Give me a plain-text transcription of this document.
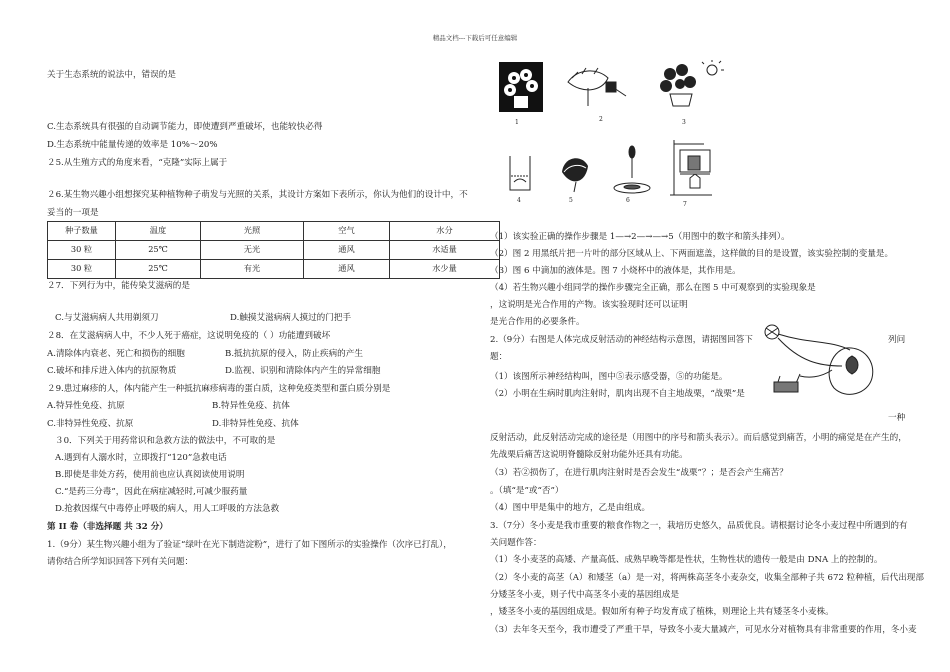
精品文档---下载后可任意编辑
关于生态系统的说法中，错误的是
C.生态系统具有很强的自动调节能力，即使遭到严重破坏，也能较快必得
D.生态系统中能量传递的效率是 10%～20%
２5.从生殖方式的角度来看，“克隆”实际上属于
２6.某生物兴趣小组想探究某种植物种子萌发与光照的关系，其设计方案如下表所示，你认为他们的设计中，不
妥当的一项是
种子数量	温度	光照	空气	水分
30 粒	25℃	无光	通风	水适量
30 粒	25℃	有光	通风	水少量
２7．下列行为中，能传染艾滋病的是
C.与艾滋病病人共用剃须刀	D.触摸艾滋病病人摸过的门把手
２8．在艾滋病病人中，不少人死于癌症，这说明免疫的（ ）功能遭到破坏
A.清除体内衰老、死亡和损伤的细胞	B.抵抗抗原的侵入，防止疾病的产生
C.破坏和排斥进入体内的抗原物质	D.监视、识别和清除体内产生的异常细胞
２9.患过麻疹的人，体内能产生一种抵抗麻疹病毒的蛋白质，这种免疫类型和蛋白质分别是
A.特异性免疫、抗原	B.特异性免疫、抗体
C.非特异性免疫、抗原	D.非特异性免疫、抗体
３0．下列关于用药常识和急救方法的做法中，不可取的是
A.遇到有人溺水时，立即拨打“120”急救电话
B.即使是非处方药，使用前也应认真阅读使用说明
C.“是药三分毒”，因此在病症减轻时,可减少服药量
D.抢救因煤气中毒停止呼吸的病人，用人工呼吸的方法急救
第 II 卷（非选择题 共 32 分）
1.（9分）某生物兴趣小组为了验证“绿叶在光下制造淀粉”，进行了如下图所示的实验操作（次序已打乱），
请你结合所学知识回答下列有关问题：
1	2	3
4	5	6
7
（1）该实验正确的操作步骤是 1—→2—→—→5（用图中的数字和箭头排列）。
（2）图 2 用黑纸片把一片叶的部分区域从上、下两面遮盖，这样做的目的是设置，该实验控制的变量是。
（3）图 6 中滴加的液体是。图 7 小烧杯中的液体是，其作用是。
（4）若生物兴趣小组同学的操作步骤完全正确，那么在图 5 中可观察到的实验现象是
，这说明是光合作用的产物。该实验现时还可以证明
是光合作用的必要条件。
2.（9分）右图是人体完成反射活动的神经结构示意图，请据图回答下	列问
题：
（1）该图所示神经结构叫，图中⑤表示感受器，⑤的功能是。
（2）小明在生病时肌肉注射时，肌肉出现不自主地战栗，“战栗”是
一种
反射活动，此反射活动完成的途径是（用图中的序号和箭头表示）。而后感觉到痛苦，小明的痛觉是在产生的，
先战栗后痛苦这说明脊髓除反射功能外还具有功能。
（3）若②损伤了，在进行肌肉注射时是否会发生“战栗”？；是否会产生痛苦？
。（填“是”或“否”）
（4）图中甲是集中的地方，乙是由组成。
3.（7分）冬小麦是我市重要的粮食作物之一，栽培历史悠久，品质优良。请根据讨论冬小麦过程中所遇到的有
关问题作答：
（1）冬小麦茎的高矮、产量高低、成熟早晚等都是性状，生物性状的遗传一般是由 DNA 上的控制的。
（2）冬小麦的高茎（A）和矮茎（a）是一对，将两株高茎冬小麦杂交，收集全部种子共 672 粒种植，后代出现部
分矮茎冬小麦，则子代中高茎冬小麦的基因组成是
，矮茎冬小麦的基因组成是。假如所有种子均发育成了植株，则理论上共有矮茎冬小麦株。
（3）去年冬天至今，我市遭受了严重干旱，导致冬小麦大量减产，可见水分对植物具有非常重要的作用，冬小麦
